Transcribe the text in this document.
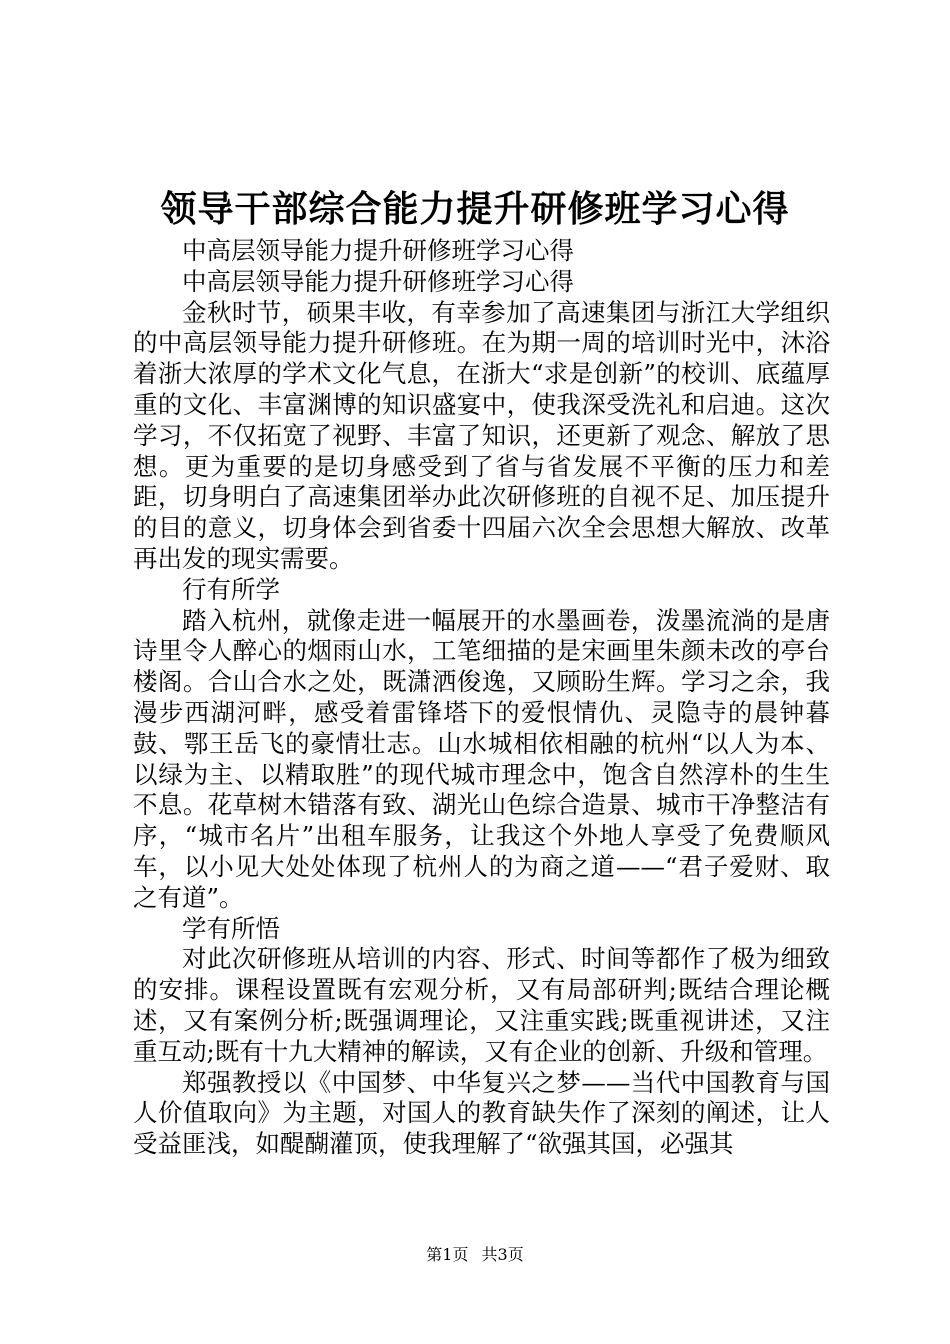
领导干部综合能力提升研修班学习心得

中高层领导能力提升研修班学习心得

中高层领导能力提升研修班学习心得

金秋时节，硕果丰收，有幸参加了高速集团与浙江大学组织的中高层领导能力提升研修班。在为期一周的培训时光中，沐浴着浙大浓厚的学术文化气息，在浙大“求是创新”的校训、底蕴厚重的文化、丰富渊博的知识盛宴中，使我深受洗礼和启迪。这次学习，不仅拓宽了视野、丰富了知识，还更新了观念、解放了思想。更为重要的是切身感受到了省与省发展不平衡的压力和差距，切身明白了高速集团举办此次研修班的自视不足、加压提升的目的意义，切身体会到省委十四届六次全会思想大解放、改革再出发的现实需要。

行有所学

踏入杭州，就像走进一幅展开的水墨画卷，泼墨流淌的是唐诗里令人醉心的烟雨山水，工笔细描的是宋画里朱颜未改的亭台楼阁。合山合水之处，既潇洒俊逸，又顾盼生辉。学习之余，我漫步西湖河畔，感受着雷锋塔下的爱恨情仇、灵隐寺的晨钟暮鼓、鄂王岳飞的豪情壮志。山水城相依相融的杭州“以人为本、以绿为主、以精取胜”的现代城市理念中，饱含自然淳朴的生生不息。花草树木错落有致、湖光山色综合造景、城市干净整洁有序，“城市名片”出租车服务，让我这个外地人享受了免费顺风车，以小见大处处体现了杭州人的为商之道——“君子爱财、取之有道”。

学有所悟

对此次研修班从培训的内容、形式、时间等都作了极为细致的安排。课程设置既有宏观分析，又有局部研判;既结合理论概述，又有案例分析;既强调理论，又注重实践;既重视讲述，又注重互动;既有十九大精神的解读，又有企业的创新、升级和管理。

郑强教授以《中国梦、中华复兴之梦——当代中国教育与国人价值取向》为主题，对国人的教育缺失作了深刻的阐述，让人受益匪浅，如醍醐灌顶，使我理解了“欲强其国，必强其

第1页 共3页
